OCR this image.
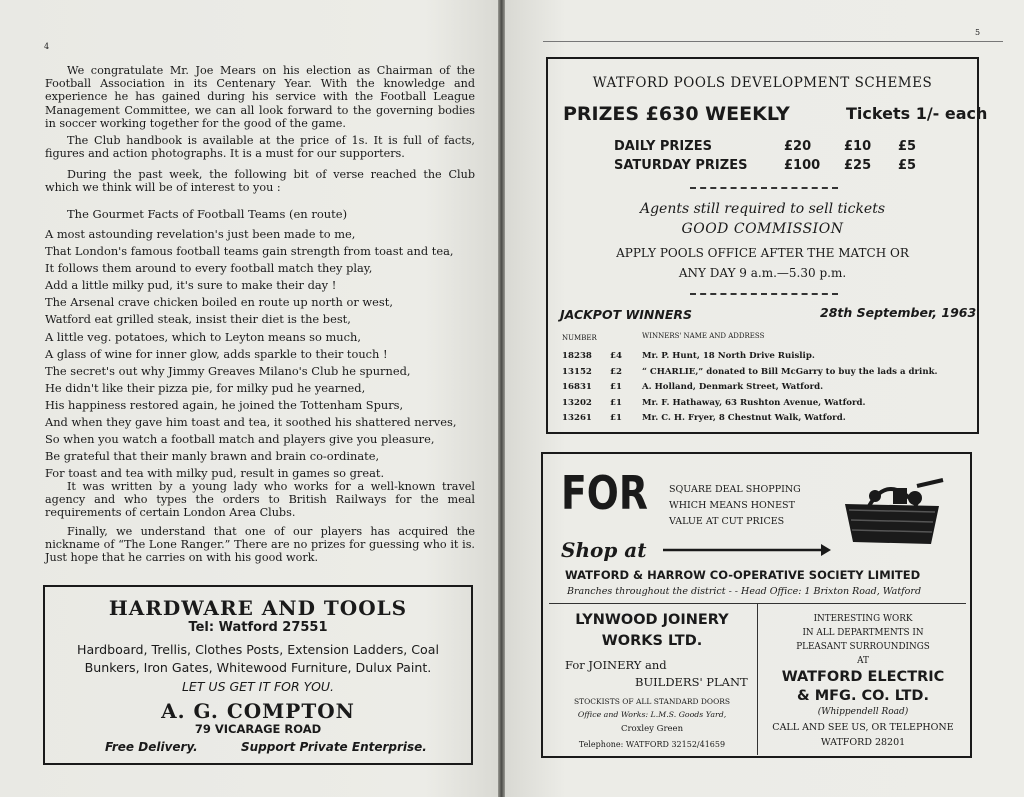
4

We congratulate Mr. Joe Mears on his election as Chairman of the Football Association in its Centenary Year. With the knowledge and experience he has gained during his service with the Football League Management Committee, we can all look forward to the governing bodies in soccer working together for the good of the game.

The Club handbook is available at the price of 1s. It is full of facts, figures and action photographs. It is a must for our supporters.

During the past week, the following bit of verse reached the Club which we think will be of interest to you :

The Gourmet Facts of Football Teams (en route)
A most astounding revelation's just been made to me,
That London's famous football teams gain strength from toast and tea,
It follows them around to every football match they play,
Add a little milky pud, it's sure to make their day !
The Arsenal crave chicken boiled en route up north or west,
Watford eat grilled steak, insist their diet is the best,
A little veg. potatoes, which to Leyton means so much,
A glass of wine for inner glow, adds sparkle to their touch !
The secret's out why Jimmy Greaves Milano's Club he spurned,
He didn't like their pizza pie, for milky pud he yearned,
His happiness restored again, he joined the Tottenham Spurs,
And when they gave him toast and tea, it soothed his shattered nerves,
So when you watch a football match and players give you pleasure,
Be grateful that their manly brawn and brain co-ordinate,
For toast and tea with milky pud, result in games so great.

It was written by a young lady who works for a well-known travel agency and who types the orders to British Railways for the meal requirements of certain London Area Clubs.

Finally, we understand that one of our players has acquired the nickname of “The Lone Ranger.” There are no prizes for guessing who it is. Just hope that he carries on with his good work.

HARDWARE AND TOOLS
Tel: Watford 27551
Hardboard, Trellis, Clothes Posts, Extension Ladders, Coal
Bunkers, Iron Gates, Whitewood Furniture, Dulux Paint.
LET US GET IT FOR YOU.
A. G. COMPTON
79 VICARAGE ROAD
Free Delivery.	Support Private Enterprise.
5
WATFORD POOLS DEVELOPMENT SCHEMES
PRIZES £630 WEEKLY	Tickets 1/- each
DAILY PRIZES	£20	£10 £5
SATURDAY PRIZES	£100 £25 £5
Agents still required to sell tickets
GOOD COMMISSION
APPLY POOLS OFFICE AFTER THE MATCH OR
ANY DAY 9 a.m.—5.30 p.m.
JACKPOT WINNERS	28th September, 1963
NUMBER	WINNERS' NAME AND ADDRESS
18238 £4 Mr. P. Hunt, 18 North Drive Ruislip.
13152 £2 “ CHARLIE,” donated to Bill McGarry to buy the lads a drink.
16831 £1 A. Holland, Denmark Street, Watford.
13202 £1 Mr. F. Hathaway, 63 Rushton Avenue, Watford.
13261 £1 Mr. C. H. Fryer, 8 Chestnut Walk, Watford.
FOR SQUARE DEAL SHOPPING
WHICH MEANS HONEST
VALUE AT CUT PRICES
Shop at
WATFORD & HARROW CO-OPERATIVE SOCIETY LIMITED
Branches throughout the district - - Head Office: 1 Brixton Road, Watford
LYNWOOD JOINERY
WORKS LTD.
For JOINERY and
BUILDERS' PLANT
STOCKISTS OF ALL STANDARD DOORS
Office and Works: L.M.S. Goods Yard,
Croxley Green
Telephone: WATFORD 32152/41659
INTERESTING WORK
IN ALL DEPARTMENTS IN
PLEASANT SURROUNDINGS
AT
WATFORD ELECTRIC
& MFG. CO. LTD.
(Whippendell Road)
CALL AND SEE US, OR TELEPHONE
WATFORD 28201
